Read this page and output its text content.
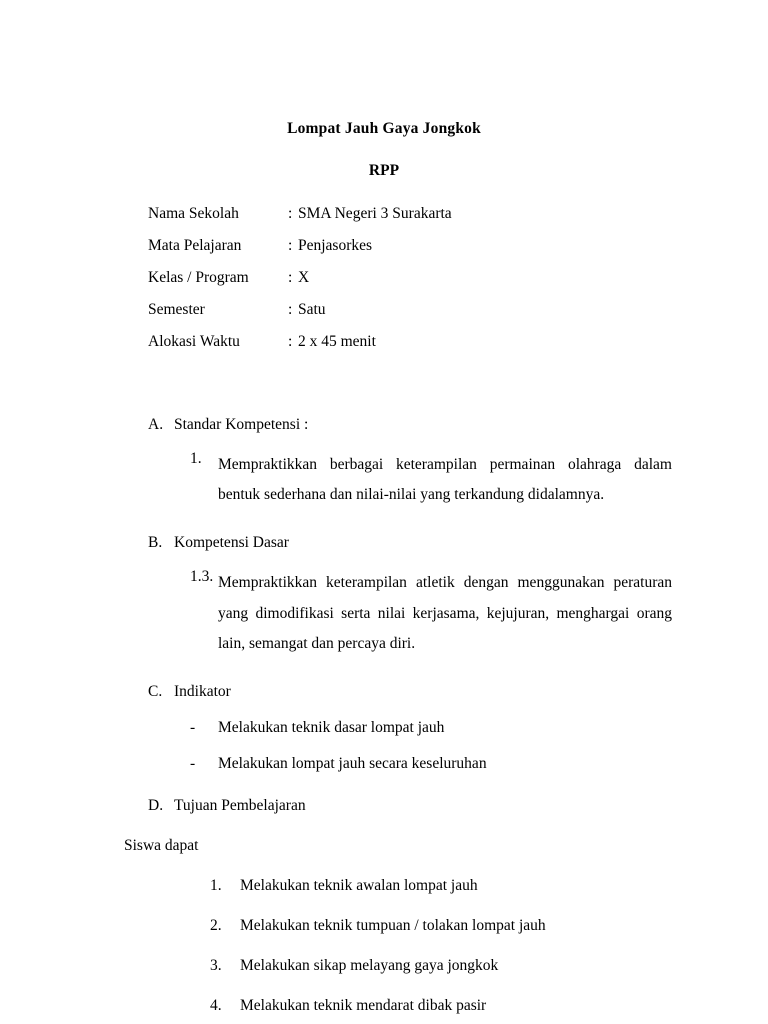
Lompat Jauh Gaya Jongkok
RPP
Nama Sekolah	: SMA Negeri 3 Surakarta
Mata Pelajaran	: Penjasorkes
Kelas / Program	: X
Semester	: Satu
Alokasi Waktu	: 2 x 45 menit
A. Standar Kompetensi :
1.	Mempraktikkan berbagai keterampilan permainan olahraga dalam bentuk sederhana dan nilai-nilai yang terkandung didalamnya.
B. Kompetensi Dasar
1.3. Mempraktikkan keterampilan atletik dengan menggunakan peraturan yang dimodifikasi serta nilai kerjasama, kejujuran, menghargai orang lain, semangat dan percaya diri.
C. Indikator
-	Melakukan teknik dasar lompat jauh
-	Melakukan lompat jauh secara keseluruhan
D. Tujuan Pembelajaran
Siswa dapat
1.	Melakukan teknik awalan lompat jauh
2.	Melakukan teknik tumpuan / tolakan lompat jauh
3.	Melakukan sikap melayang gaya jongkok
4.	Melakukan teknik mendarat dibak pasir
